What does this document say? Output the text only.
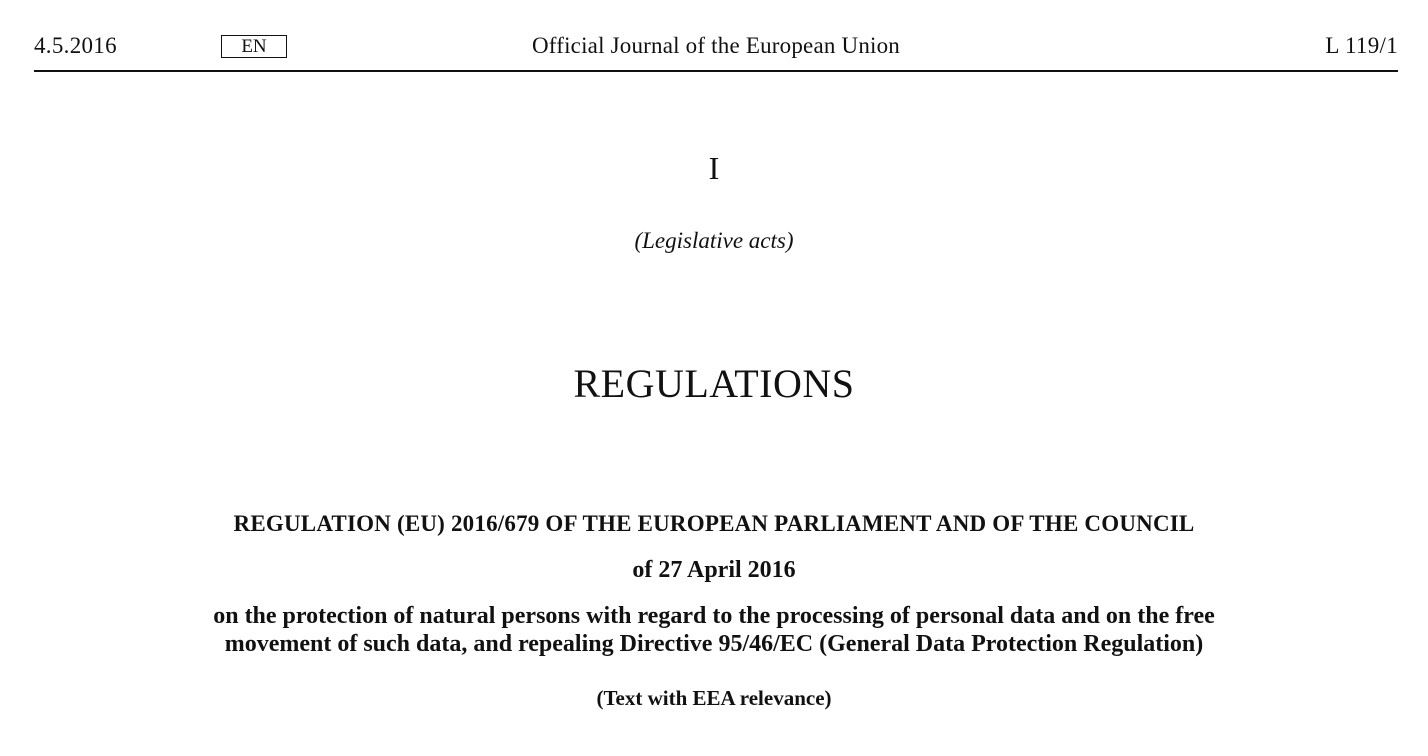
4.5.2016	EN	Official Journal of the European Union	L 119/1
I
(Legislative acts)
REGULATIONS
REGULATION (EU) 2016/679 OF THE EUROPEAN PARLIAMENT AND OF THE COUNCIL
of 27 April 2016
on the protection of natural persons with regard to the processing of personal data and on the free
movement of such data, and repealing Directive 95/46/EC (General Data Protection Regulation)
(Text with EEA relevance)
